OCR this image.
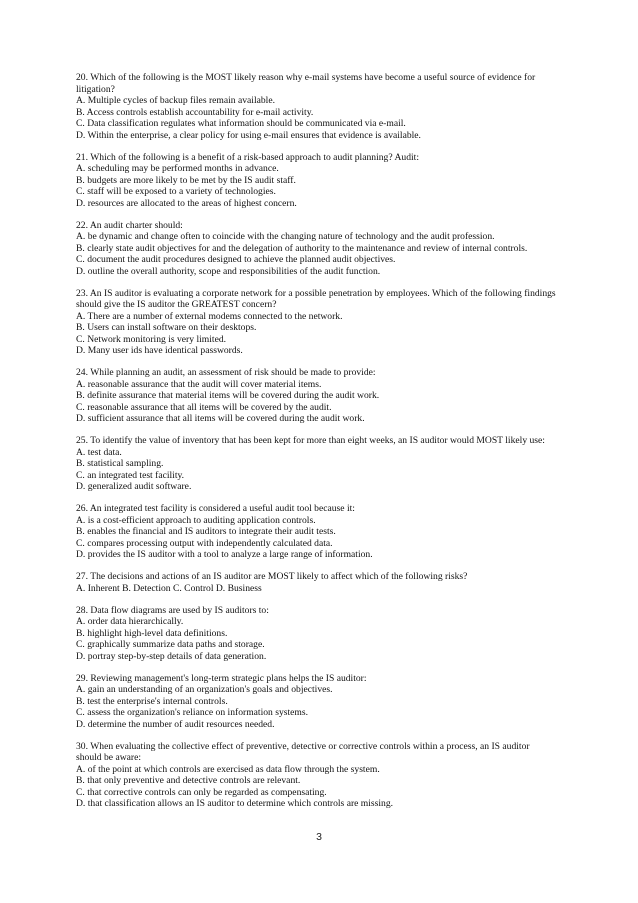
20. Which of the following is the MOST likely reason why e-mail systems have become a useful source of evidence for

litigation?

A. Multiple cycles of backup files remain available.

B. Access controls establish accountability for e-mail activity.

C. Data classification regulates what information should be communicated via e-mail.

D. Within the enterprise, a clear policy for using e-mail ensures that evidence is available.

21. Which of the following is a benefit of a risk-based approach to audit planning? Audit:

A. scheduling may be performed months in advance.

B. budgets are more likely to be met by the IS audit staff.

C. staff will be exposed to a variety of technologies.

D. resources are allocated to the areas of highest concern.

22. An audit charter should:

A. be dynamic and change often to coincide with the changing nature of technology and the audit profession.

B. clearly state audit objectives for and the delegation of authority to the maintenance and review of internal controls.

C. document the audit procedures designed to achieve the planned audit objectives.

D. outline the overall authority, scope and responsibilities of the audit function.

23. An IS auditor is evaluating a corporate network for a possible penetration by employees. Which of the following findings

should give the IS auditor the GREATEST concern?

A. There are a number of external modems connected to the network.

B. Users can install software on their desktops.

C. Network monitoring is very limited.

D. Many user ids have identical passwords.

24. While planning an audit, an assessment of risk should be made to provide:

A. reasonable assurance that the audit will cover material items.

B. definite assurance that material items will be covered during the audit work.

C. reasonable assurance that all items will be covered by the audit.

D. sufficient assurance that all items will be covered during the audit work.

25. To identify the value of inventory that has been kept for more than eight weeks, an IS auditor would MOST likely use:

A. test data.

B. statistical sampling.

C. an integrated test facility.

D. generalized audit software.

26. An integrated test facility is considered a useful audit tool because it:

A. is a cost-efficient approach to auditing application controls.

B. enables the financial and IS auditors to integrate their audit tests.

C. compares processing output with independently calculated data.

D. provides the IS auditor with a tool to analyze a large range of information.

27. The decisions and actions of an IS auditor are MOST likely to affect which of the following risks?

A. Inherent B. Detection C. Control D. Business

28. Data flow diagrams are used by IS auditors to:

A. order data hierarchically.

B. highlight high-level data definitions.

C. graphically summarize data paths and storage.

D. portray step-by-step details of data generation.

29. Reviewing management's long-term strategic plans helps the IS auditor:

A. gain an understanding of an organization's goals and objectives.

B. test the enterprise's internal controls.

C. assess the organization's reliance on information systems.

D. determine the number of audit resources needed.

30. When evaluating the collective effect of preventive, detective or corrective controls within a process, an IS auditor

should be aware:

A. of the point at which controls are exercised as data flow through the system.

B. that only preventive and detective controls are relevant.

C. that corrective controls can only be regarded as compensating.

D. that classification allows an IS auditor to determine which controls are missing.

3
